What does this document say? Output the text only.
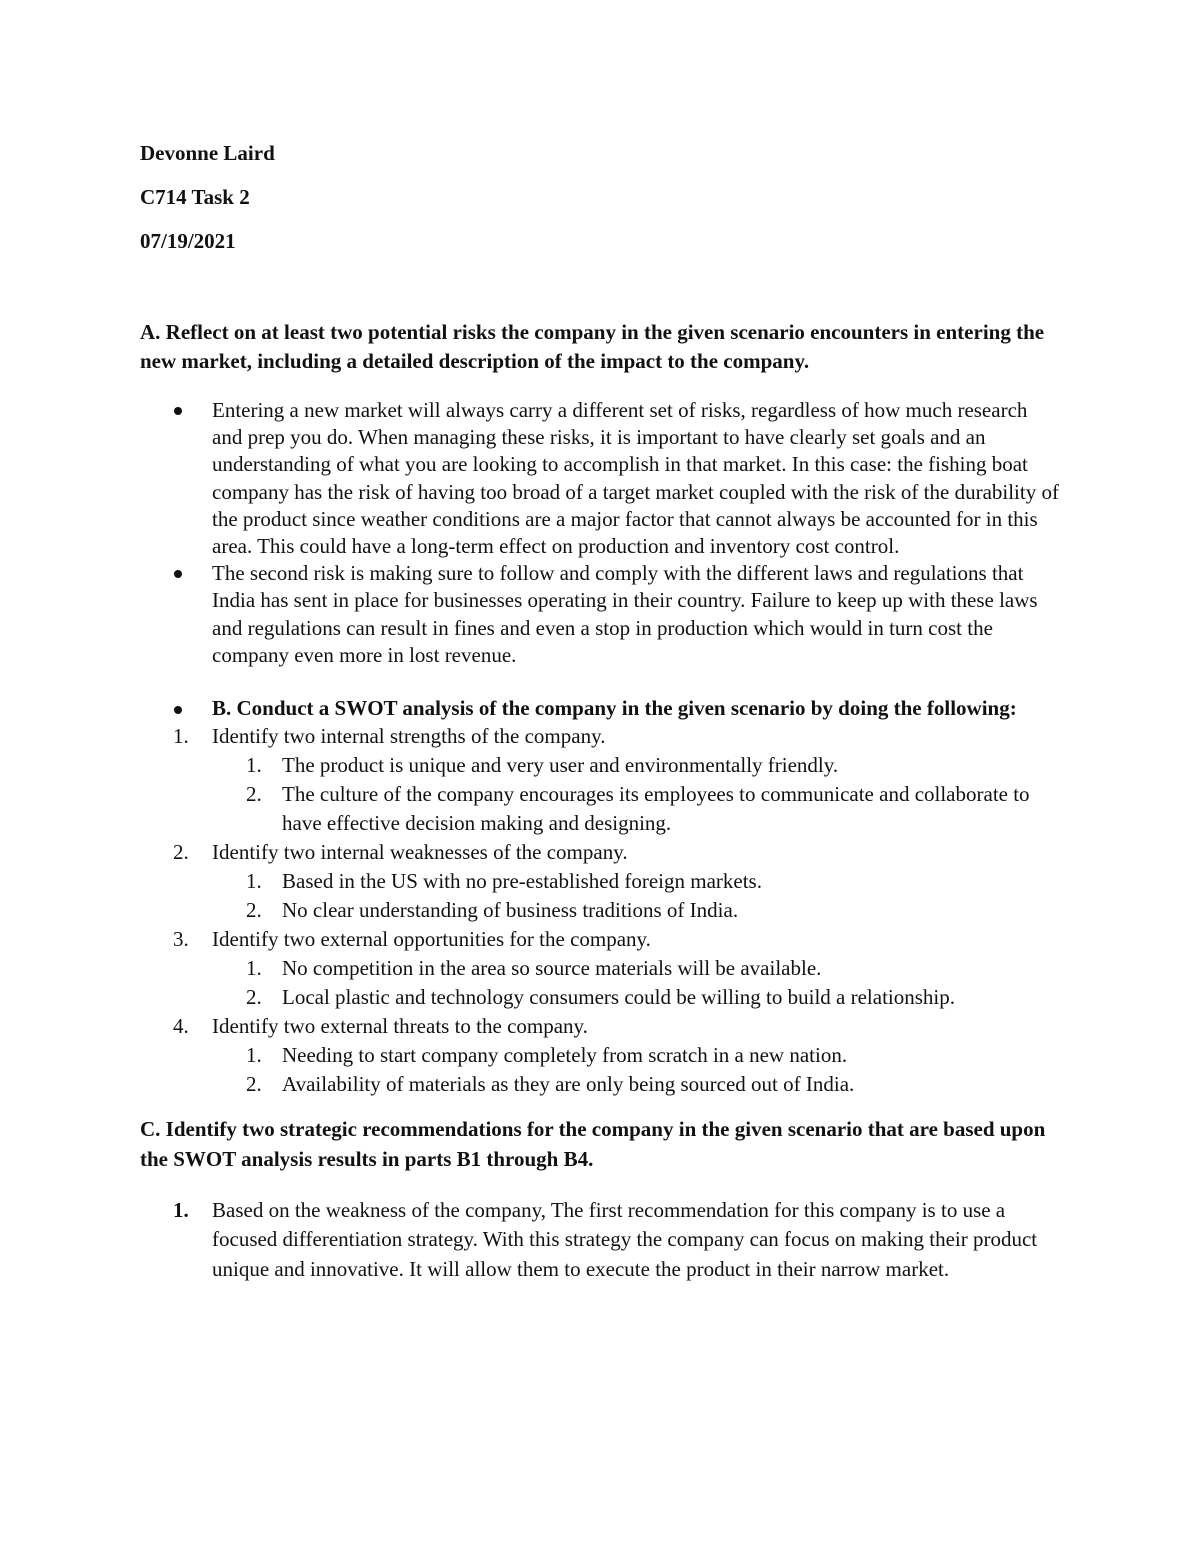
Devonne Laird
C714 Task 2
07/19/2021
A. Reflect on at least two potential risks the company in the given scenario encounters in entering the new market, including a detailed description of the impact to the company.
Entering a new market will always carry a different set of risks, regardless of how much research and prep you do. When managing these risks, it is important to have clearly set goals and an understanding of what you are looking to accomplish in that market. In this case: the fishing boat company has the risk of having too broad of a target market coupled with the risk of the durability of the product since weather conditions are a major factor that cannot always be accounted for in this area. This could have a long-term effect on production and inventory cost control.
The second risk is making sure to follow and comply with the different laws and regulations that India has sent in place for businesses operating in their country. Failure to keep up with these laws and regulations can result in fines and even a stop in production which would in turn cost the company even more in lost revenue.
B. Conduct a SWOT analysis of the company in the given scenario by doing the following:
1. Identify two internal strengths of the company.
1. The product is unique and very user and environmentally friendly.
2. The culture of the company encourages its employees to communicate and collaborate to have effective decision making and designing.
2. Identify two internal weaknesses of the company.
1. Based in the US with no pre-established foreign markets.
2. No clear understanding of business traditions of India.
3. Identify two external opportunities for the company.
1. No competition in the area so source materials will be available.
2. Local plastic and technology consumers could be willing to build a relationship.
4. Identify two external threats to the company.
1. Needing to start company completely from scratch in a new nation.
2. Availability of materials as they are only being sourced out of India.
C. Identify two strategic recommendations for the company in the given scenario that are based upon the SWOT analysis results in parts B1 through B4.
1. Based on the weakness of the company, The first recommendation for this company is to use a focused differentiation strategy. With this strategy the company can focus on making their product unique and innovative. It will allow them to execute the product in their narrow market.
